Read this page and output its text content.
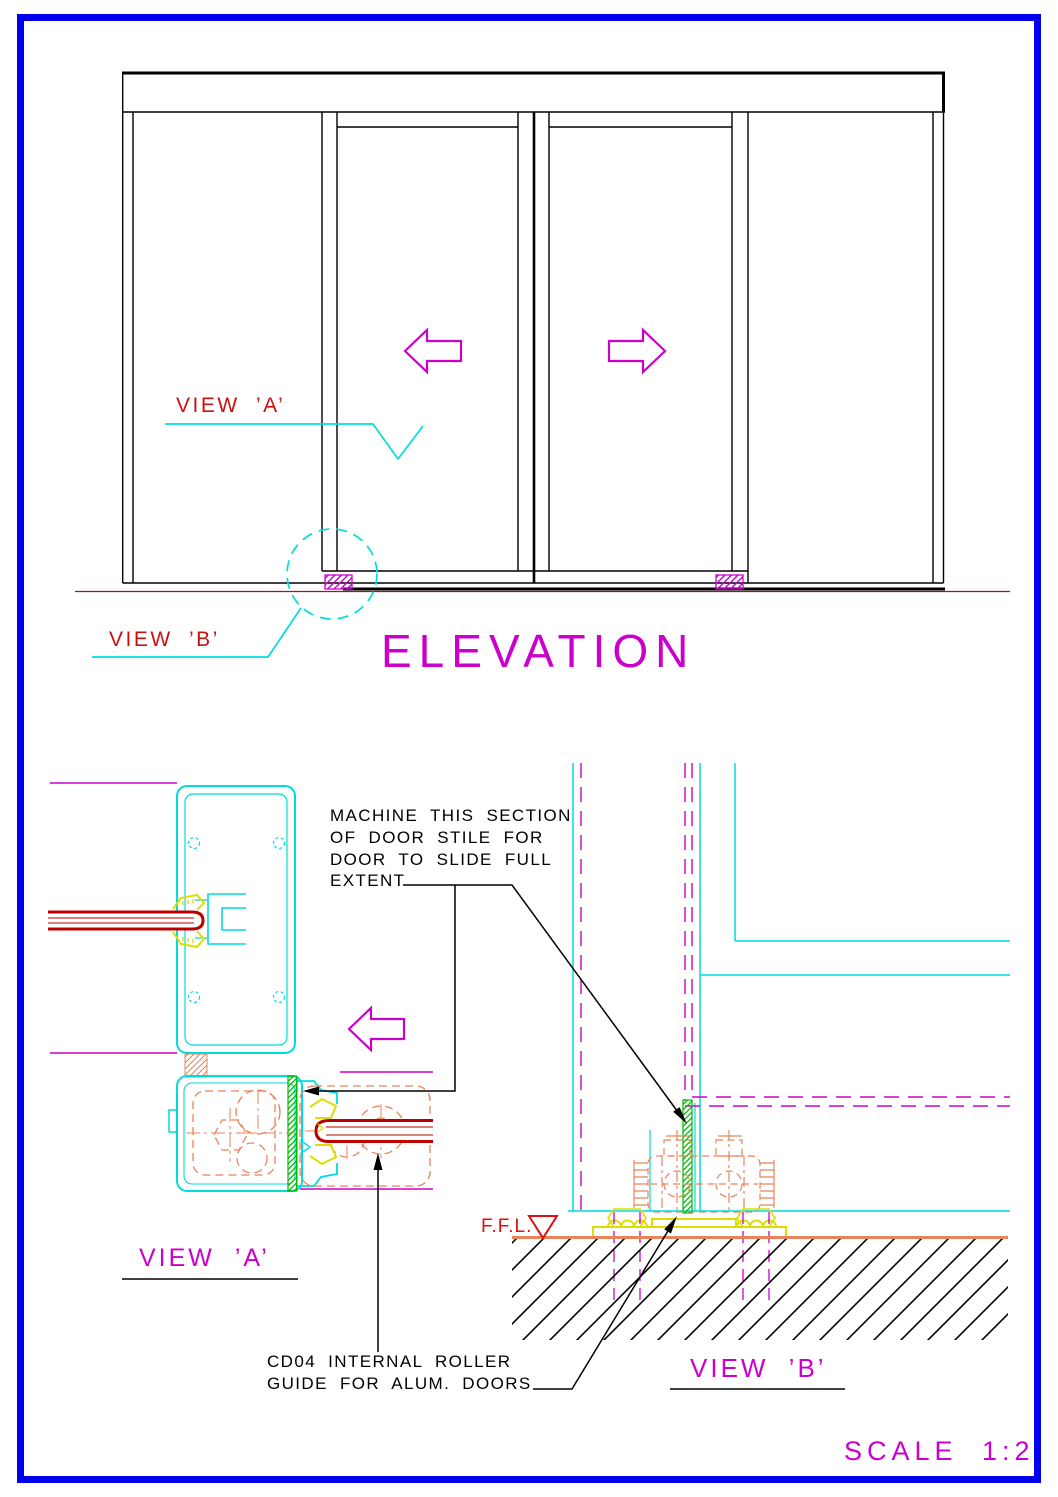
VIEW ’A’
VIEW ’B’	ELEVATION
MACHINE THIS SECTION
OF DOOR STILE FOR
DOOR TO SLIDE FULL
EXTENT
F.F.L.
VIEW ’A’
CD04 INTERNAL ROLLER
GUIDE FOR ALUM. DOORS
VIEW ’B’
SCALE 1:2
